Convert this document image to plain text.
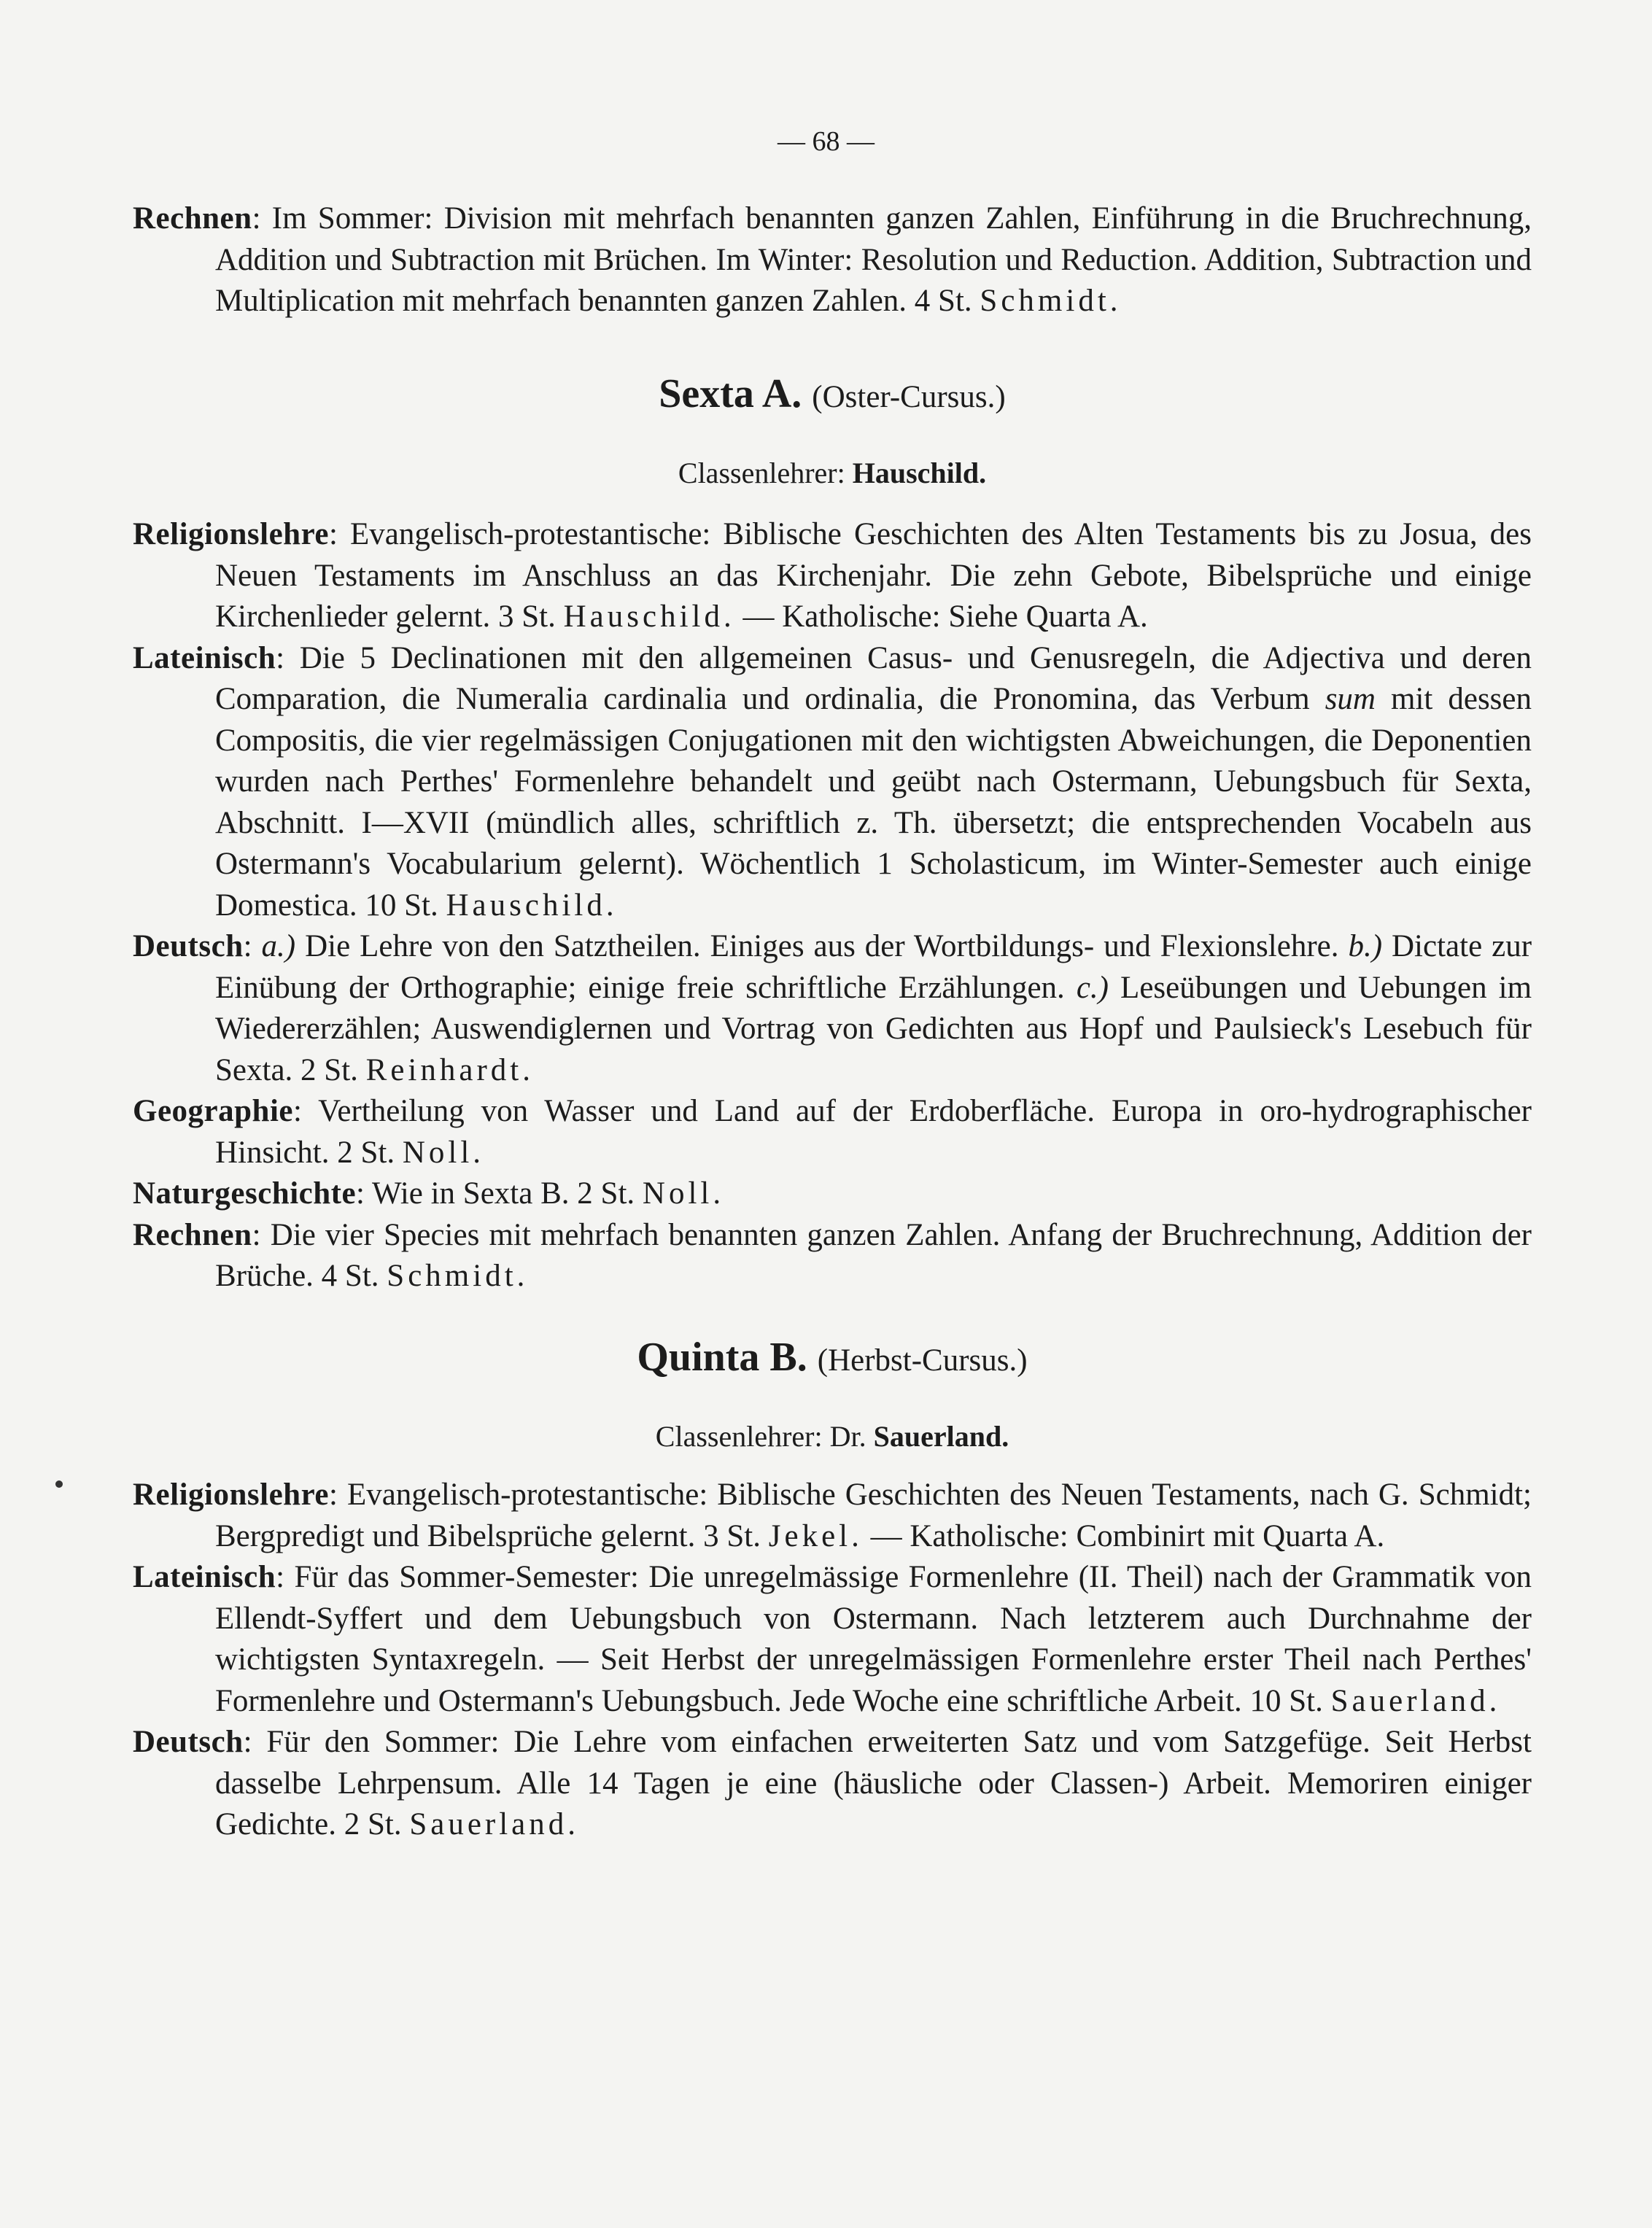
— 68 —

Rechnen: Im Sommer: Division mit mehrfach benannten ganzen Zahlen, Einführung in die Bruchrechnung, Addition und Subtraction mit Brüchen. Im Winter: Resolution und Reduction. Addition, Subtraction und Multiplication mit mehrfach benannten ganzen Zahlen. 4 St. Schmidt.

Sexta A. (Oster-Cursus.)

Classenlehrer: Hauschild.

Religionslehre: Evangelisch-protestantische: Biblische Geschichten des Alten Testaments bis zu Josua, des Neuen Testaments im Anschluss an das Kirchenjahr. Die zehn Gebote, Bibelsprüche und einige Kirchenlieder gelernt. 3 St. Hauschild. — Katholische: Siehe Quarta A.

Lateinisch: Die 5 Declinationen mit den allgemeinen Casus- und Genusregeln, die Adjectiva und deren Comparation, die Numeralia cardinalia und ordinalia, die Pronomina, das Verbum sum mit dessen Compositis, die vier regelmässigen Conjugationen mit den wichtigsten Abweichungen, die Deponentien wurden nach Perthes' Formenlehre behandelt und geübt nach Ostermann, Uebungsbuch für Sexta, Abschnitt. I—XVII (mündlich alles, schriftlich z. Th. übersetzt; die entsprechenden Vocabeln aus Ostermann's Vocabularium gelernt). Wöchentlich 1 Scholasticum, im Winter-Semester auch einige Domestica. 10 St. Hauschild.

Deutsch: a.) Die Lehre von den Satztheilen. Einiges aus der Wortbildungs- und Flexionslehre. b.) Dictate zur Einübung der Orthographie; einige freie schriftliche Erzählungen. c.) Leseübungen und Uebungen im Wiedererzählen; Auswendiglernen und Vortrag von Gedichten aus Hopf und Paulsieck's Lesebuch für Sexta. 2 St. Reinhardt.

Geographie: Vertheilung von Wasser und Land auf der Erdoberfläche. Europa in oro-hydrographischer Hinsicht. 2 St. Noll.

Naturgeschichte: Wie in Sexta B. 2 St. Noll.

Rechnen: Die vier Species mit mehrfach benannten ganzen Zahlen. Anfang der Bruchrechnung, Addition der Brüche. 4 St. Schmidt.

Quinta B. (Herbst-Cursus.)

Classenlehrer: Dr. Sauerland.

Religionslehre: Evangelisch-protestantische: Biblische Geschichten des Neuen Testaments, nach G. Schmidt; Bergpredigt und Bibelsprüche gelernt. 3 St. Jekel. — Katholische: Combinirt mit Quarta A.

Lateinisch: Für das Sommer-Semester: Die unregelmässige Formenlehre (II. Theil) nach der Grammatik von Ellendt-Syffert und dem Uebungsbuch von Ostermann. Nach letzterem auch Durchnahme der wichtigsten Syntaxregeln. — Seit Herbst der unregelmässigen Formenlehre erster Theil nach Perthes' Formenlehre und Ostermann's Uebungsbuch. Jede Woche eine schriftliche Arbeit. 10 St. Sauerland.

Deutsch: Für den Sommer: Die Lehre vom einfachen erweiterten Satz und vom Satzgefüge. Seit Herbst dasselbe Lehrpensum. Alle 14 Tagen je eine (häusliche oder Classen-) Arbeit. Memoriren einiger Gedichte. 2 St. Sauerland.
